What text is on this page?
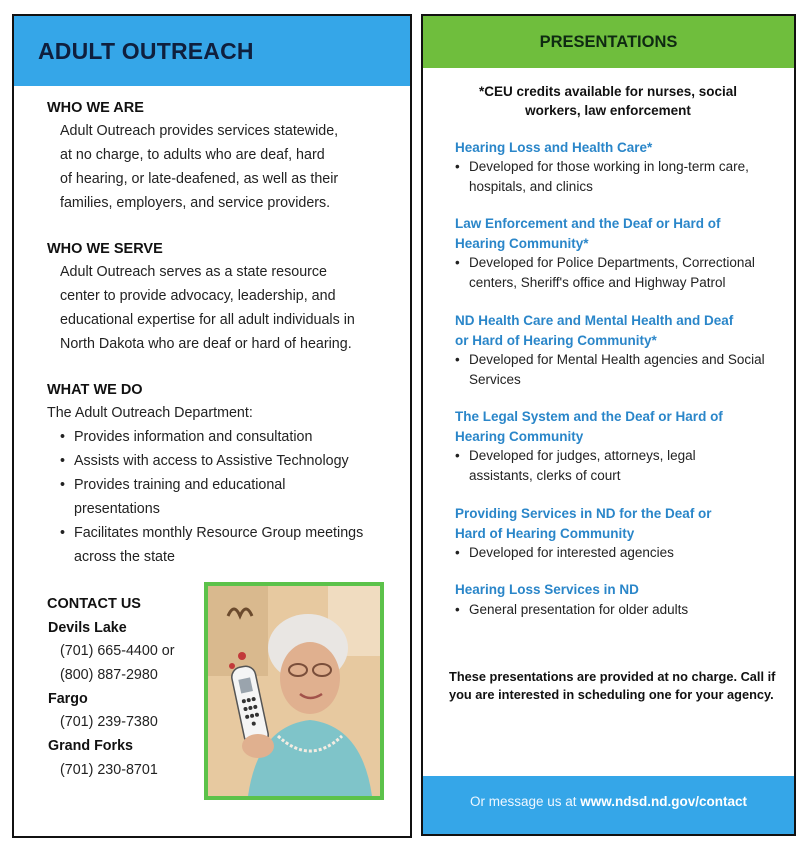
ADULT OUTREACH
WHO WE ARE
Adult Outreach provides services statewide,
at no charge, to adults who are deaf, hard
of hearing, or late-deafened, as well as their
families, employers, and service providers.
WHO WE SERVE
Adult Outreach serves as a state resource
center to provide advocacy, leadership, and
educational expertise for all adult individuals in
North Dakota who are deaf or hard of hearing.
WHAT WE DO
The Adult Outreach Department:
• Provides information and consultation
• Assists with access to Assistive Technology
• Provides training and educational presentations
• Facilitates monthly Resource Group meetings across the state
CONTACT US
Devils Lake
(701) 665-4400 or
(800) 887-2980
Fargo
(701) 239-7380
Grand Forks
(701) 230-8701
PRESENTATIONS
*CEU credits available for nurses, social workers, law enforcement
Hearing Loss and Health Care*
• Developed for those working in long-term care, hospitals, and clinics
Law Enforcement and the Deaf or Hard of Hearing Community*
• Developed for Police Departments, Correctional centers, Sheriff's office and Highway Patrol
ND Health Care and Mental Health and Deaf or Hard of Hearing Community*
• Developed for Mental Health agencies and Social Services
The Legal System and the Deaf or Hard of Hearing Community
• Developed for judges, attorneys, legal assistants, clerks of court
Providing Services in ND for the Deaf or Hard of Hearing Community
• Developed for interested agencies
Hearing Loss Services in ND
• General presentation for older adults
These presentations are provided at no charge. Call if you are interested in scheduling one for your agency.
Or message us at www.ndsd.nd.gov/contact
